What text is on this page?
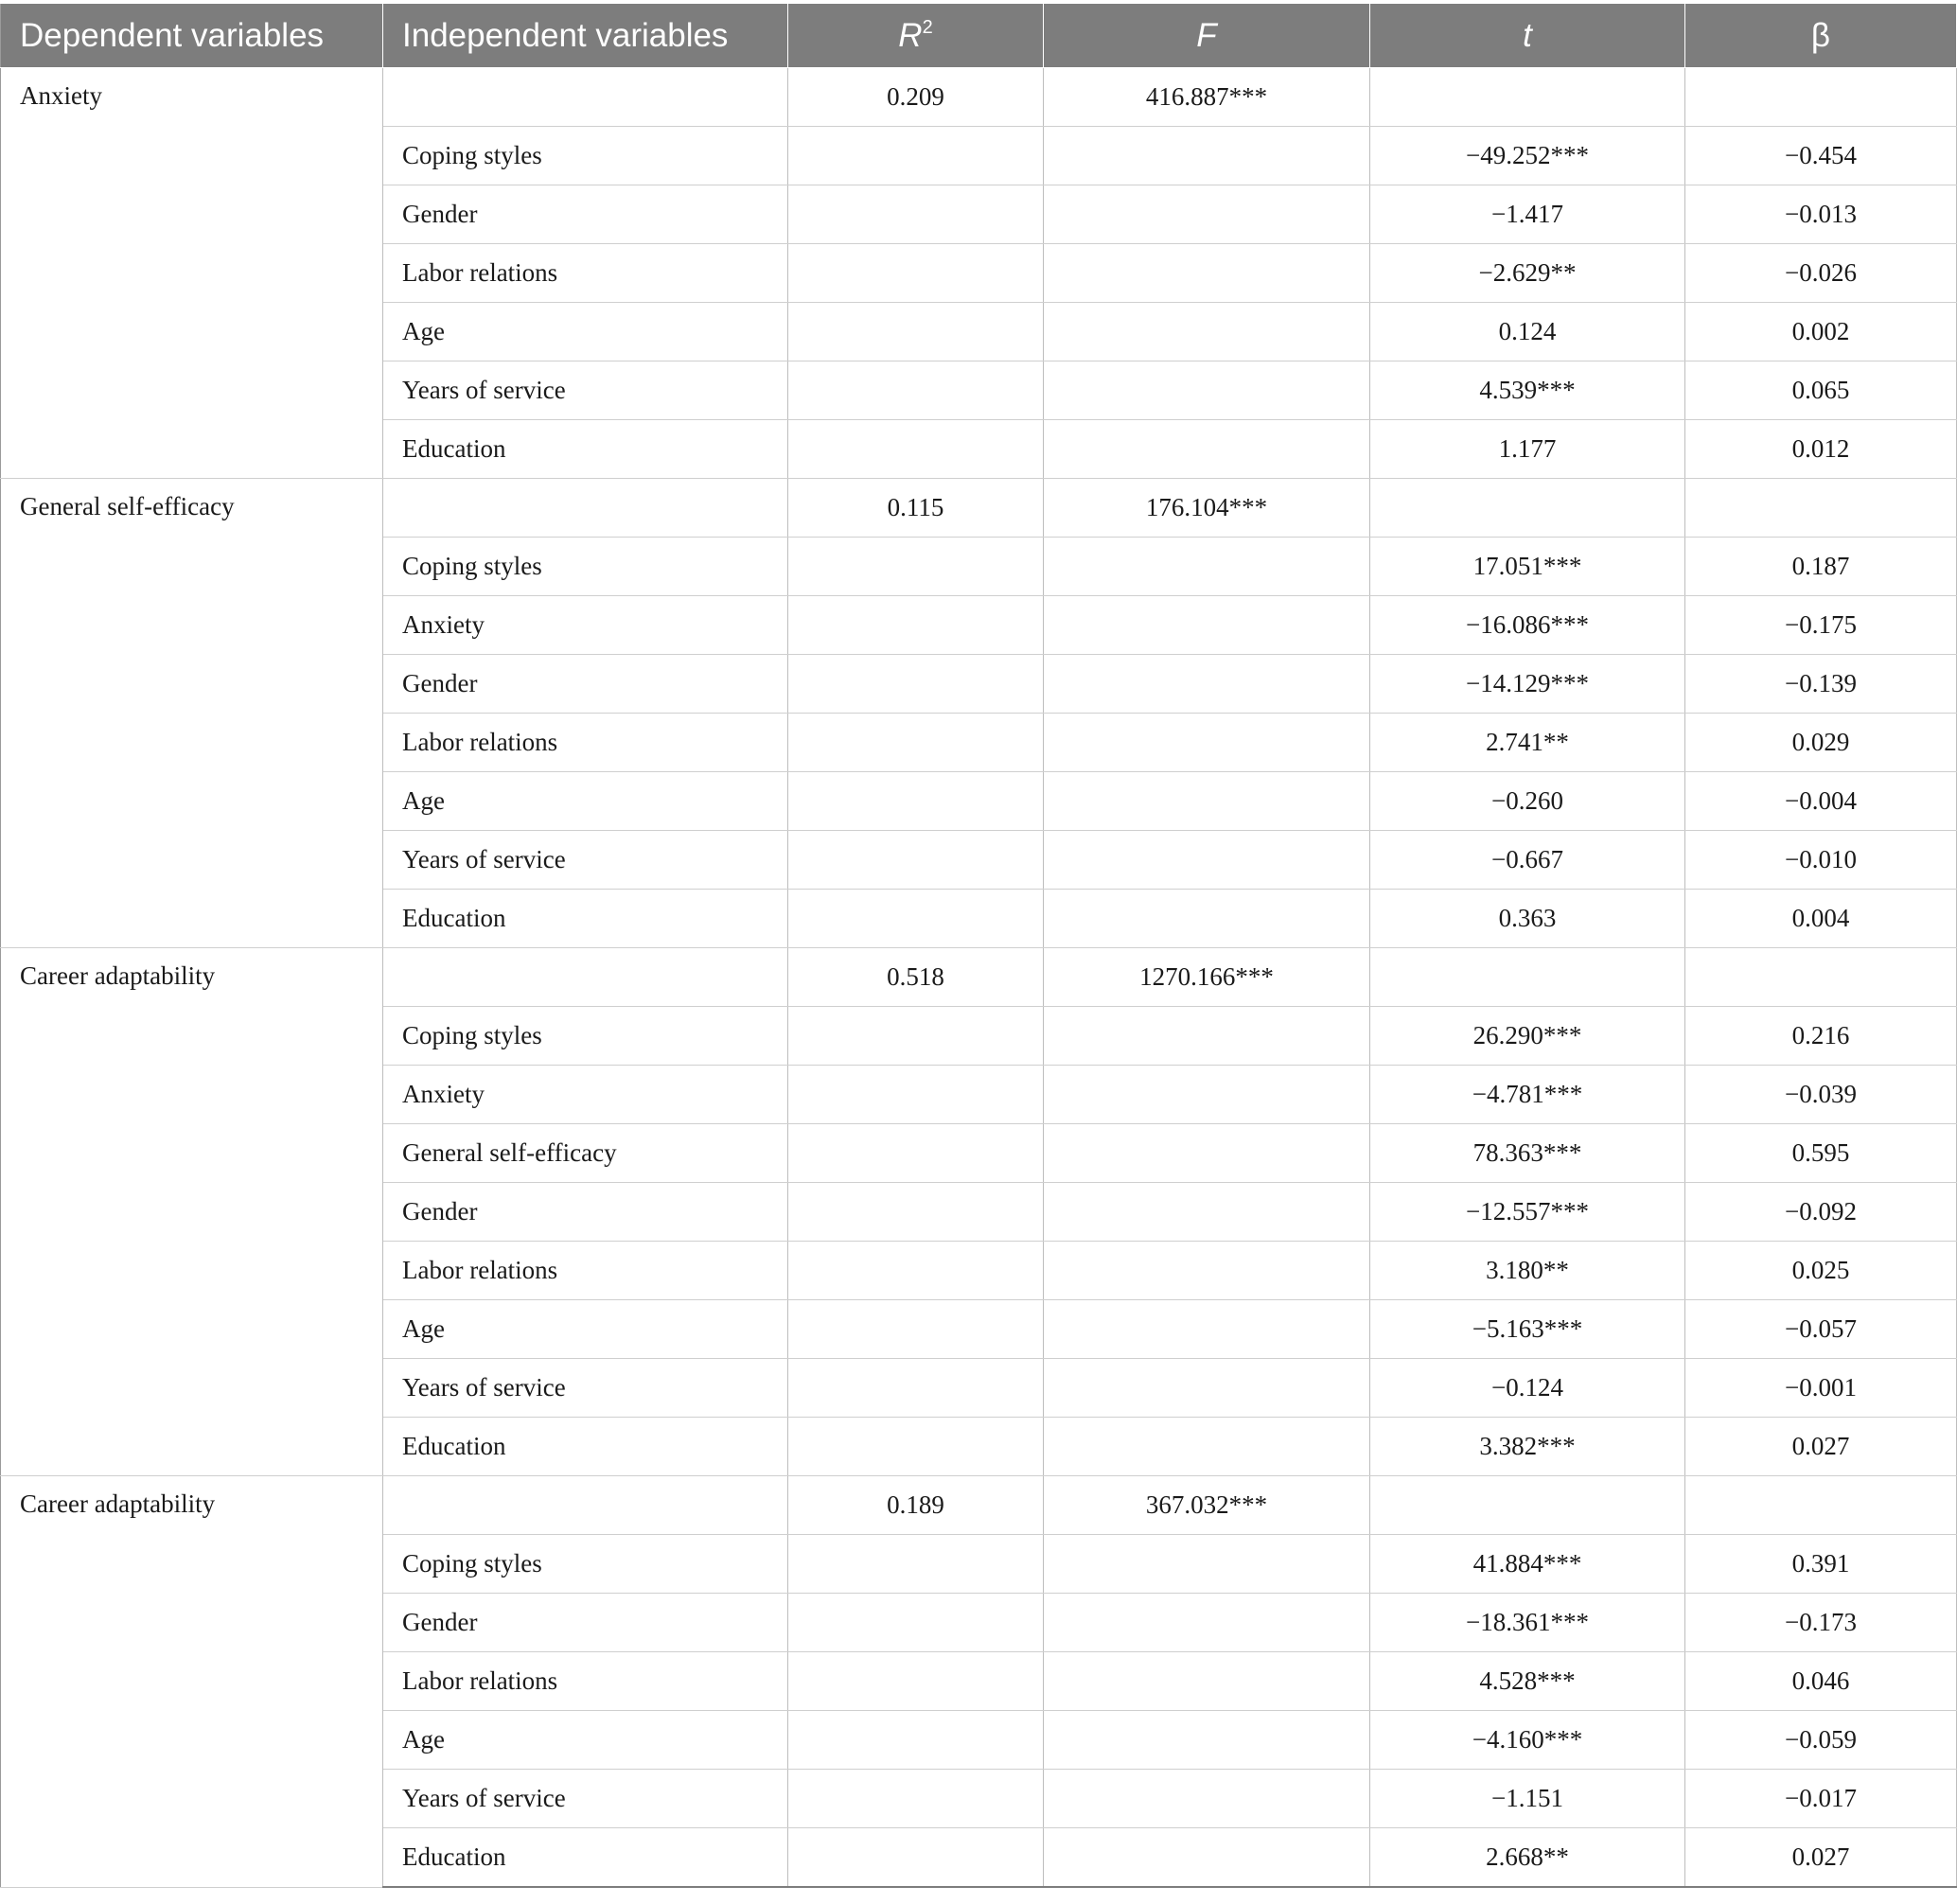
Dependent variables	Independent variables	$R^2$	F	t	β
Anxiety		0.209	416.887***		
	Coping styles			−49.252***	−0.454
	Gender			−1.417	−0.013
	Labor relations			−2.629**	−0.026
	Age			0.124	0.002
	Years of service			4.539***	0.065
	Education			1.177	0.012
General self-efficacy		0.115	176.104***		
	Coping styles			17.051***	0.187
	Anxiety			−16.086***	−0.175
	Gender			−14.129***	−0.139
	Labor relations			2.741**	0.029
	Age			−0.260	−0.004
	Years of service			−0.667	−0.010
	Education			0.363	0.004
Career adaptability		0.518	1270.166***		
	Coping styles			26.290***	0.216
	Anxiety			−4.781***	−0.039
	General self-efficacy			78.363***	0.595
	Gender			−12.557***	−0.092
	Labor relations			3.180**	0.025
	Age			−5.163***	−0.057
	Years of service			−0.124	−0.001
	Education			3.382***	0.027
Career adaptability		0.189	367.032***		
	Coping styles			41.884***	0.391
	Gender			−18.361***	−0.173
	Labor relations			4.528***	0.046
	Age			−4.160***	−0.059
	Years of service			−1.151	−0.017
	Education			2.668**	0.027
